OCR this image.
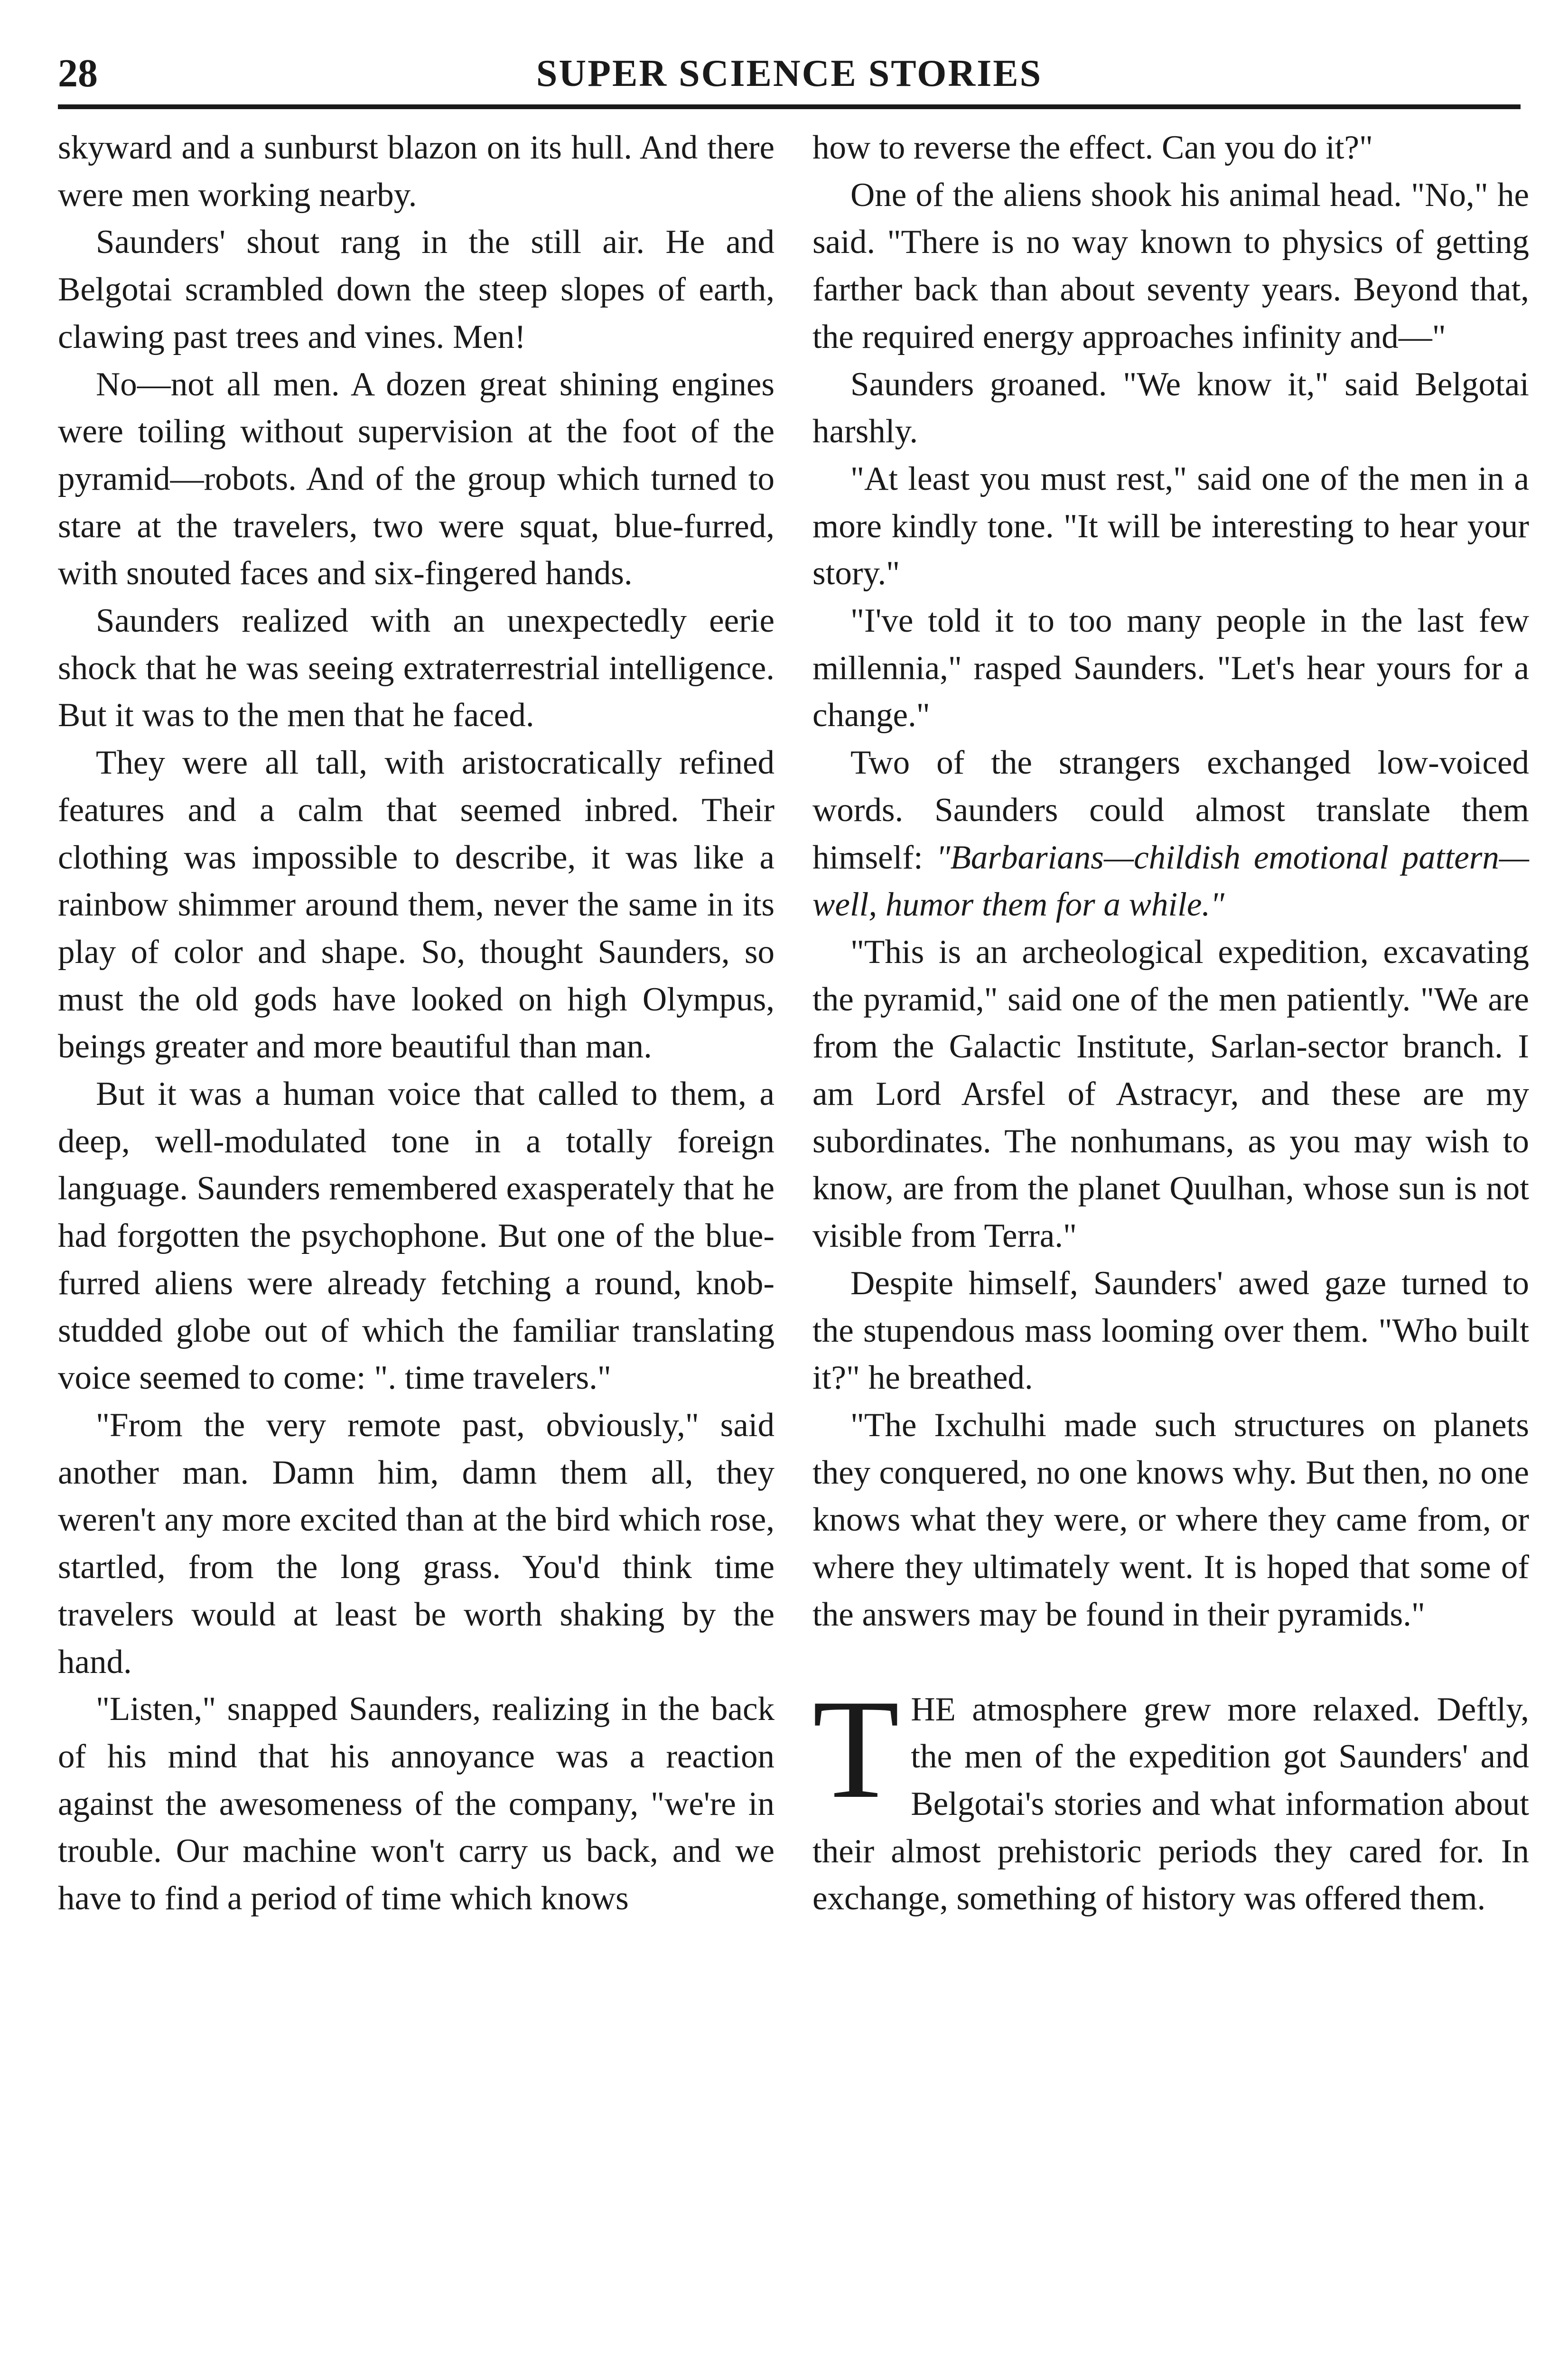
28	SUPER SCIENCE STORIES

skyward and a sunburst blazon on its hull. And there were men working nearby.

Saunders' shout rang in the still air. He and Belgotai scrambled down the steep slopes of earth, clawing past trees and vines. Men!

No—not all men. A dozen great shining engines were toiling without supervision at the foot of the pyramid—robots. And of the group which turned to stare at the travelers, two were squat, blue-furred, with snouted faces and six-fingered hands.

Saunders realized with an unexpectedly eerie shock that he was seeing extraterrestrial intelligence. But it was to the men that he faced.

They were all tall, with aristocratically refined features and a calm that seemed inbred. Their clothing was impossible to describe, it was like a rainbow shimmer around them, never the same in its play of color and shape. So, thought Saunders, so must the old gods have looked on high Olympus, beings greater and more beautiful than man.

But it was a human voice that called to them, a deep, well-modulated tone in a totally foreign language. Saunders remembered exasperately that he had forgotten the psychophone. But one of the blue-furred aliens were already fetching a round, knob-studded globe out of which the familiar translating voice seemed to come: ". time travelers."

"From the very remote past, obviously," said another man. Damn him, damn them all, they weren't any more excited than at the bird which rose, startled, from the long grass. You'd think time travelers would at least be worth shaking by the hand.

"Listen," snapped Saunders, realizing in the back of his mind that his annoyance was a reaction against the awesomeness of the company, "we're in trouble. Our machine won't carry us back, and we have to find a period of time which knows

how to reverse the effect. Can you do it?"

One of the aliens shook his animal head. "No," he said. "There is no way known to physics of getting farther back than about seventy years. Beyond that, the required energy approaches infinity and—"

Saunders groaned. "We know it," said Belgotai harshly.

"At least you must rest," said one of the men in a more kindly tone. "It will be interesting to hear your story."

"I've told it to too many people in the last few millennia," rasped Saunders. "Let's hear yours for a change."

Two of the strangers exchanged low-voiced words. Saunders could almost translate them himself: "Barbarians—childish emotional pattern—well, humor them for a while."

"This is an archeological expedition, excavating the pyramid," said one of the men patiently. "We are from the Galactic Institute, Sarlan-sector branch. I am Lord Arsfel of Astracyr, and these are my subordinates. The nonhumans, as you may wish to know, are from the planet Quulhan, whose sun is not visible from Terra."

Despite himself, Saunders' awed gaze turned to the stupendous mass looming over them. "Who built it?" he breathed.

"The Ixchulhi made such structures on planets they conquered, no one knows why. But then, no one knows what they were, or where they came from, or where they ultimately went. It is hoped that some of the answers may be found in their pyramids."

THE atmosphere grew more relaxed. Deftly, the men of the expedition got Saunders' and Belgotai's stories and what information about their almost prehistoric periods they cared for. In exchange, something of history was offered them.
